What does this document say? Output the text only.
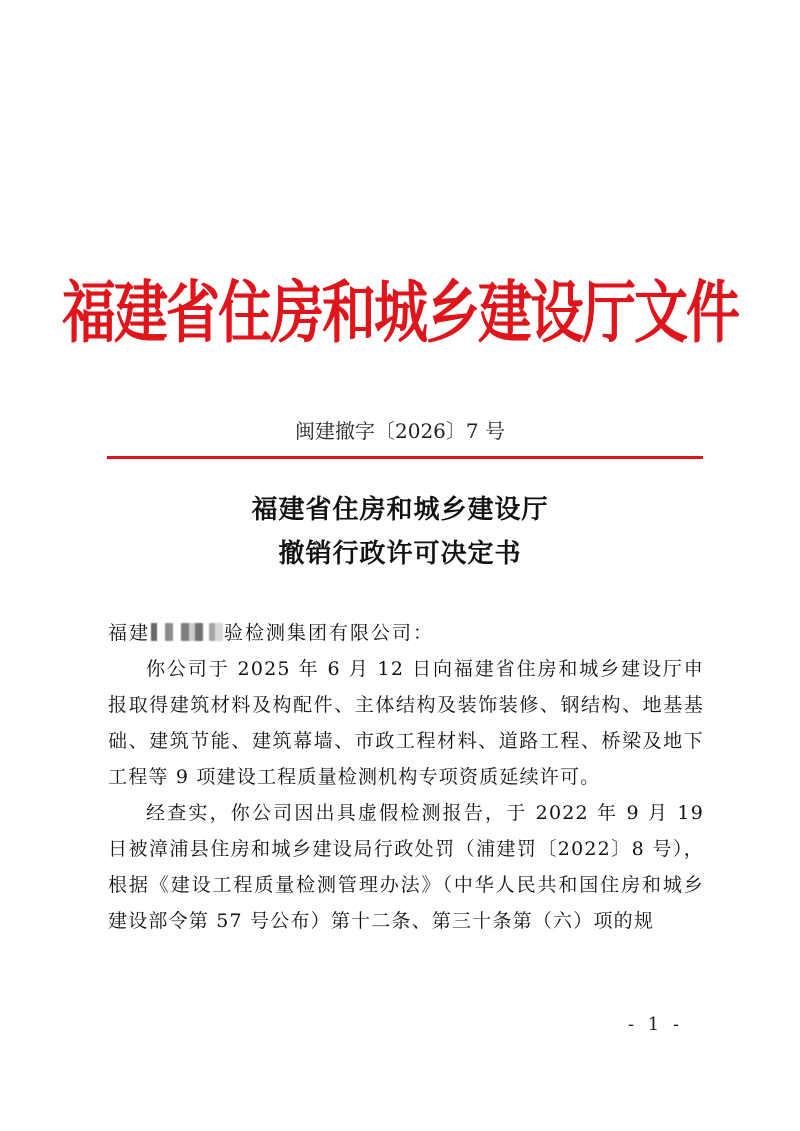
福建省住房和城乡建设厅文件
闽建撤字〔2026〕7 号
福建省住房和城乡建设厅
撤销行政许可决定书
福建	验检测集团有限公司：

你公司于 2025 年 6 月 12 日向福建省住房和城乡建设厅申报取得建筑材料及构配件、主体结构及装饰装修、钢结构、地基基础、建筑节能、建筑幕墙、市政工程材料、道路工程、桥梁及地下工程等 9 项建设工程质量检测机构专项资质延续许可。

经查实，你公司因出具虚假检测报告，于 2022 年 9 月 19 日被漳浦县住房和城乡建设局行政处罚（浦建罚〔2022〕8 号），根据《建设工程质量检测管理办法》（中华人民共和国住房和城乡建设部令第 57 号公布）第十二条、第三十条第（六）项的规

- 1 -
